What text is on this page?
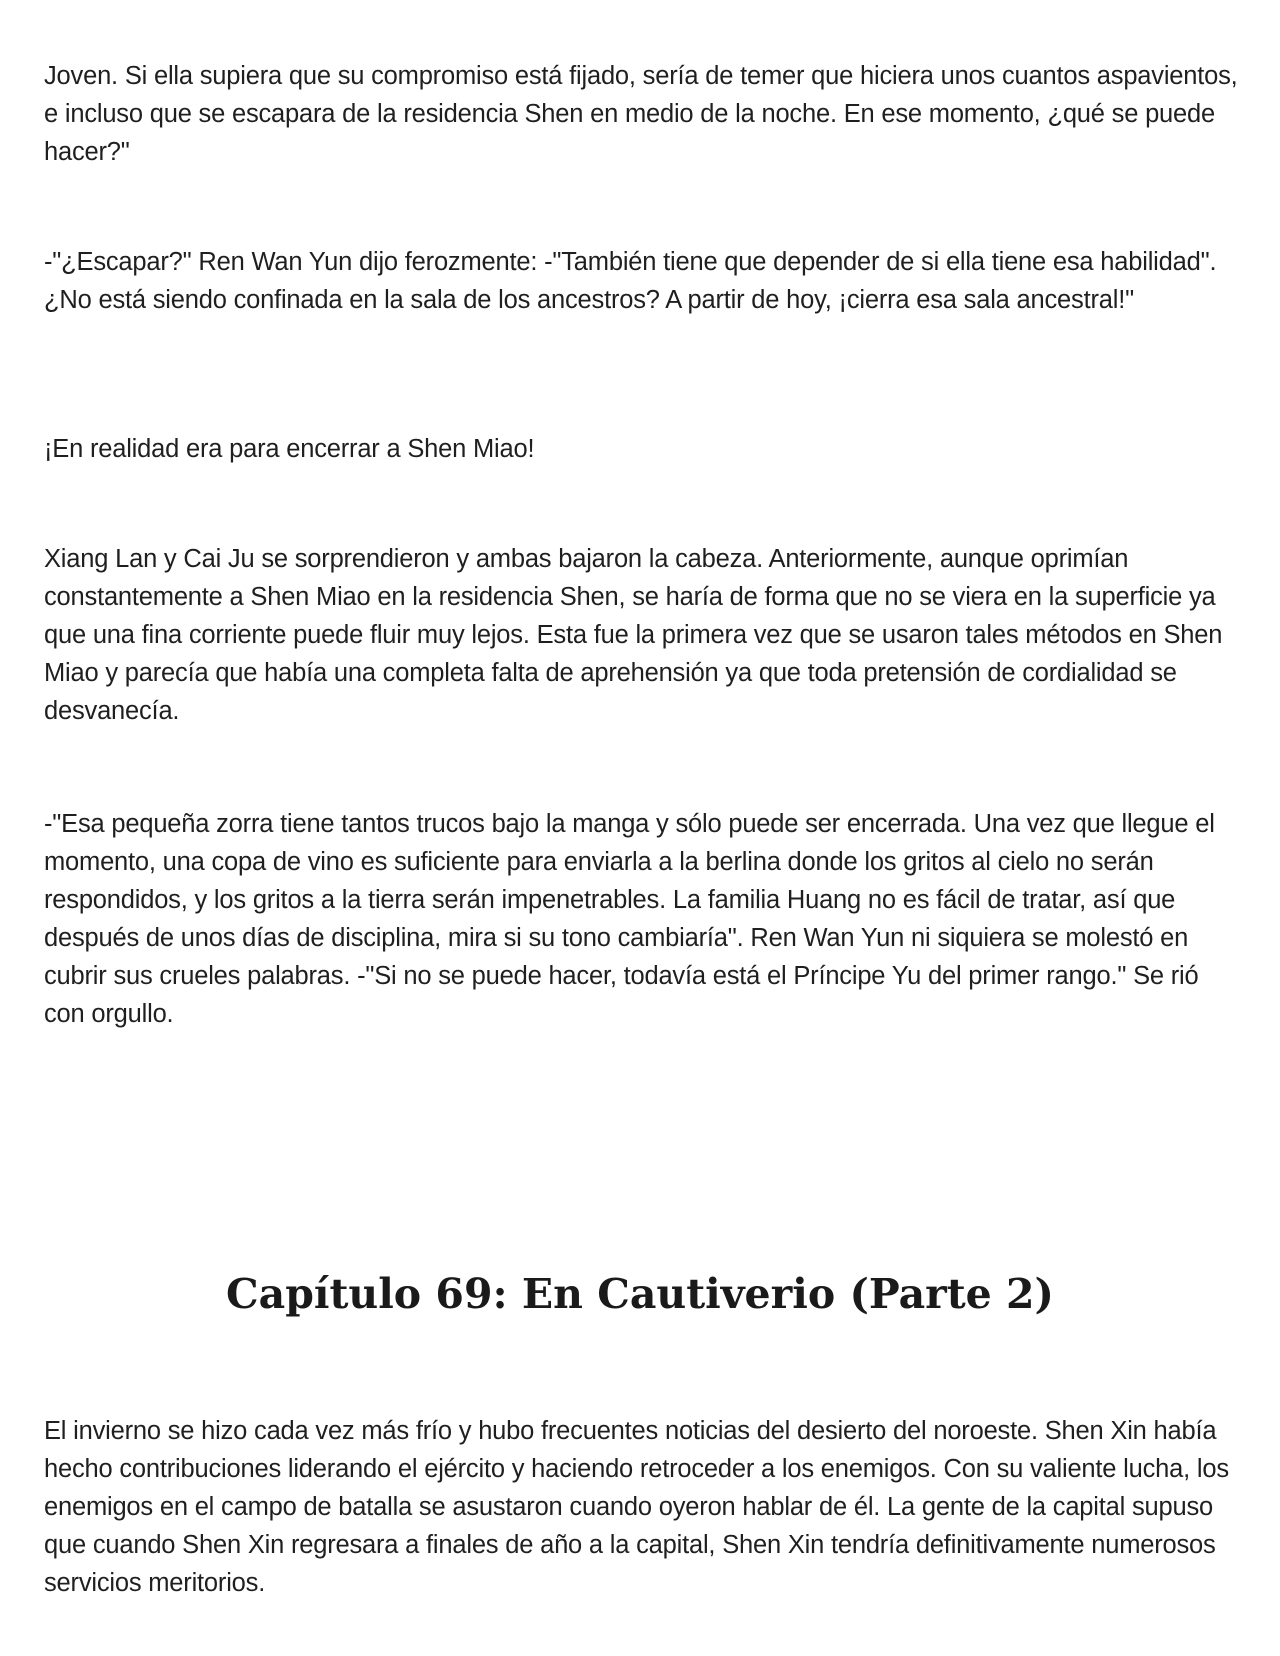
Joven. Si ella supiera que su compromiso está fijado, sería de temer que hiciera unos cuantos aspavientos, e incluso que se escapara de la residencia Shen en medio de la noche. En ese momento, ¿qué se puede hacer?"

-"¿Escapar?" Ren Wan Yun dijo ferozmente: -"También tiene que depender de si ella tiene esa habilidad". ¿No está siendo confinada en la sala de los ancestros? A partir de hoy, ¡cierra esa sala ancestral!"

¡En realidad era para encerrar a Shen Miao!

Xiang Lan y Cai Ju se sorprendieron y ambas bajaron la cabeza. Anteriormente, aunque oprimían constantemente a Shen Miao en la residencia Shen, se haría de forma que no se viera en la superficie ya que una fina corriente puede fluir muy lejos. Esta fue la primera vez que se usaron tales métodos en Shen Miao y parecía que había una completa falta de aprehensión ya que toda pretensión de cordialidad se desvanecía.

-"Esa pequeña zorra tiene tantos trucos bajo la manga y sólo puede ser encerrada. Una vez que llegue el momento, una copa de vino es suficiente para enviarla a la berlina donde los gritos al cielo no serán respondidos, y los gritos a la tierra serán impenetrables. La familia Huang no es fácil de tratar, así que después de unos días de disciplina, mira si su tono cambiaría". Ren Wan Yun ni siquiera se molestó en cubrir sus crueles palabras. -"Si no se puede hacer, todavía está el Príncipe Yu del primer rango." Se rió con orgullo.

Capítulo 69: En Cautiverio (Parte 2)

El invierno se hizo cada vez más frío y hubo frecuentes noticias del desierto del noroeste. Shen Xin había hecho contribuciones liderando el ejército y haciendo retroceder a los enemigos. Con su valiente lucha, los enemigos en el campo de batalla se asustaron cuando oyeron hablar de él. La gente de la capital supuso que cuando Shen Xin regresara a finales de año a la capital, Shen Xin tendría definitivamente numerosos servicios meritorios.
